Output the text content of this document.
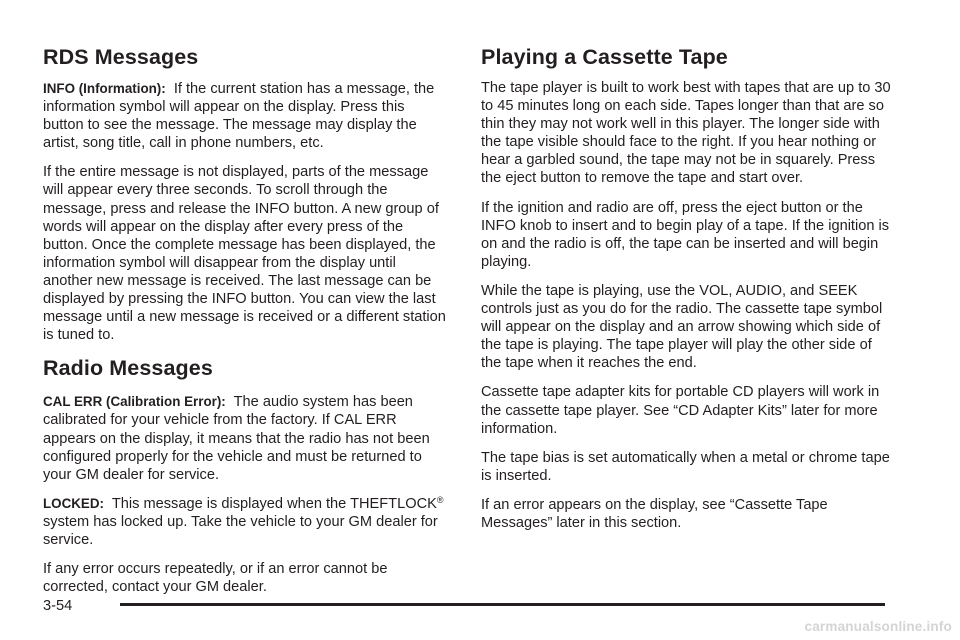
RDS Messages

INFO (Information): If the current station has a message, the information symbol will appear on the display. Press this button to see the message. The message may display the artist, song title, call in phone numbers, etc.

If the entire message is not displayed, parts of the message will appear every three seconds. To scroll through the message, press and release the INFO button. A new group of words will appear on the display after every press of the button. Once the complete message has been displayed, the information symbol will disappear from the display until another new message is received. The last message can be displayed by pressing the INFO button. You can view the last message until a new message is received or a different station is tuned to.

Radio Messages

CAL ERR (Calibration Error): The audio system has been calibrated for your vehicle from the factory. If CAL ERR appears on the display, it means that the radio has not been configured properly for the vehicle and must be returned to your GM dealer for service.

LOCKED: This message is displayed when the THEFTLOCK® system has locked up. Take the vehicle to your GM dealer for service.

If any error occurs repeatedly, or if an error cannot be corrected, contact your GM dealer.

Playing a Cassette Tape

The tape player is built to work best with tapes that are up to 30 to 45 minutes long on each side. Tapes longer than that are so thin they may not work well in this player. The longer side with the tape visible should face to the right. If you hear nothing or hear a garbled sound, the tape may not be in squarely. Press the eject button to remove the tape and start over.

If the ignition and radio are off, press the eject button or the INFO knob to insert and to begin play of a tape. If the ignition is on and the radio is off, the tape can be inserted and will begin playing.

While the tape is playing, use the VOL, AUDIO, and SEEK controls just as you do for the radio. The cassette tape symbol will appear on the display and an arrow showing which side of the tape is playing. The tape player will play the other side of the tape when it reaches the end.

Cassette tape adapter kits for portable CD players will work in the cassette tape player. See “CD Adapter Kits” later for more information.

The tape bias is set automatically when a metal or chrome tape is inserted.

If an error appears on the display, see “Cassette Tape Messages” later in this section.

3-54
carmanualsonline.info
